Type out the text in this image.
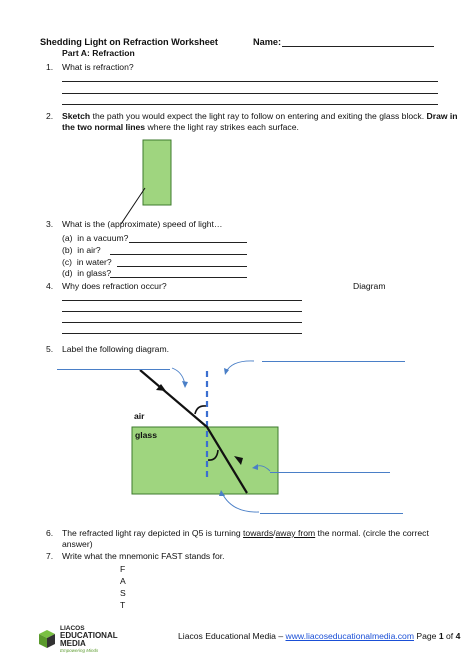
Shedding Light on Refraction Worksheet	Name:
Part A: Refraction
1. What is refraction?
2. Sketch the path you would expect the light ray to follow on entering and exiting the glass block. Draw in
the two normal lines where the light ray strikes each surface.
3. What is the (approximate) speed of light…
(a) in a vacuum?
(b) in air?
(c) in water?
(d) in glass?
4. Why does refraction occur?	Diagram
5. Label the following diagram.
air
glass
6. The refracted light ray depicted in Q5 is turning towards/away from the normal. (circle the correct
answer)
7. Write what the mnemonic FAST stands for.
F
A
S
T
LIACOS
EDUCATIONAL
MEDIA
Empowering Minds
Liacos Educational Media – www.liacoseducationalmedia.com Page 1 of 4
